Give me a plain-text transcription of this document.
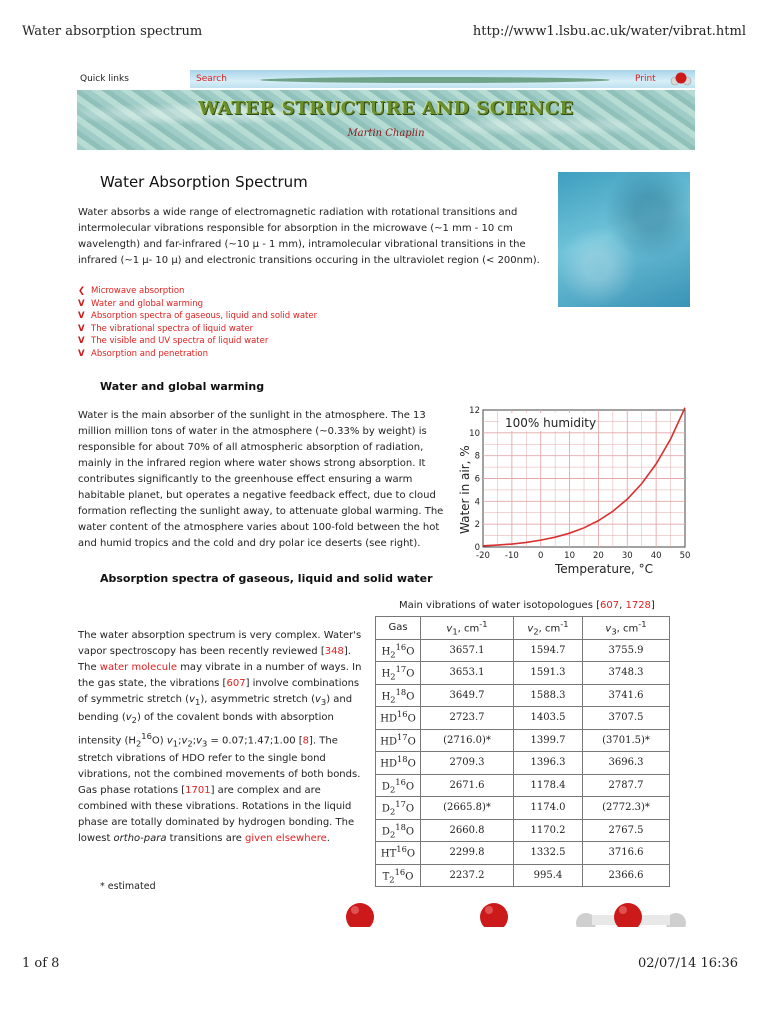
Water absorption spectrum	http://www1.lsbu.ac.uk/water/vibrat.html
1 of 8	02/07/14 16:36
Quick links	Search	Print
WATER STRUCTURE AND SCIENCE
Martin Chaplin
Water Absorption Spectrum
Water absorbs a wide range of electromagnetic radiation with rotational transitions and intermolecular vibrations responsible for absorption in the microwave (~1 mm - 10 cm wavelength) and far-infrared (~10 µ - 1 mm), intramolecular vibrational transitions in the infrared (~1 µ- 10 µ) and electronic transitions occuring in the ultraviolet region (< 200nm).
❮ Microwave absorption
V Water and global warming
V Absorption spectra of gaseous, liquid and solid water
V The vibrational spectra of liquid water
V The visible and UV spectra of liquid water
V Absorption and penetration
Water and global warming
Water is the main absorber of the sunlight in the atmosphere. The 13 million million tons of water in the atmosphere (~0.33% by weight) is responsible for about 70% of all atmospheric absorption of radiation, mainly in the infrared region where water shows strong absorption. It contributes significantly to the greenhouse effect ensuring a warm habitable planet, but operates a negative feedback effect, due to cloud formation reflecting the sunlight away, to attenuate global warming. The water content of the atmosphere varies about 100-fold between the hot and humid tropics and the cold and dry polar ice deserts (see right).
-20 -10 0 10 20 30 40 50
0
2
4
6
8
10
12
100% humidity
Temperature, °C
Water in air, %
Absorption spectra of gaseous, liquid and solid water
Main vibrations of water isotopologues [607, 1728]
Gas	$v_1$, $cm^{-1}$	$v_2$, $cm^{-1}$	$v_3$, $cm^{-1}$
$H_2^{16}O$	3657.1	1594.7	3755.9
$H_2^{17}O$	3653.1	1591.3	3748.3
$H_2^{18}O$	3649.7	1588.3	3741.6
HD$^{16}$O	2723.7	1403.5	3707.5
HD$^{17}$O	(2716.0)*	1399.7	(3701.5)*
HD$^{18}$O	2709.3	1396.3	3696.3
$D_2^{16}O$	2671.6	1178.4	2787.7
$D_2^{17}O$	(2665.8)*	1174.0	(2772.3)*
$D_2^{18}O$	2660.8	1170.2	2767.5
HT$^{16}$O	2299.8	1332.5	3716.6
$T_2^{16}O$	2237.2	995.4	2366.6
The water absorption spectrum is very complex. Water's vapor spectroscopy has been recently reviewed [348]. The water molecule may vibrate in a number of ways. In the gas state, the vibrations [607] involve combinations of symmetric stretch $(v_1)$, asymmetric stretch $(v_3)$ and bending $(v_2)$ of the covalent bonds with absorption intensity $(H_2^{16}O)$ $v_1;v_2;v_3$ = 0.07;1.47;1.00 [8]. The stretch vibrations of HDO refer to the single bond vibrations, not the combined movements of both bonds. Gas phase rotations [1701] are complex and are combined with these vibrations. Rotations in the liquid phase are totally dominated by hydrogen bonding. The lowest ortho-para transitions are given elsewhere.
* estimated
